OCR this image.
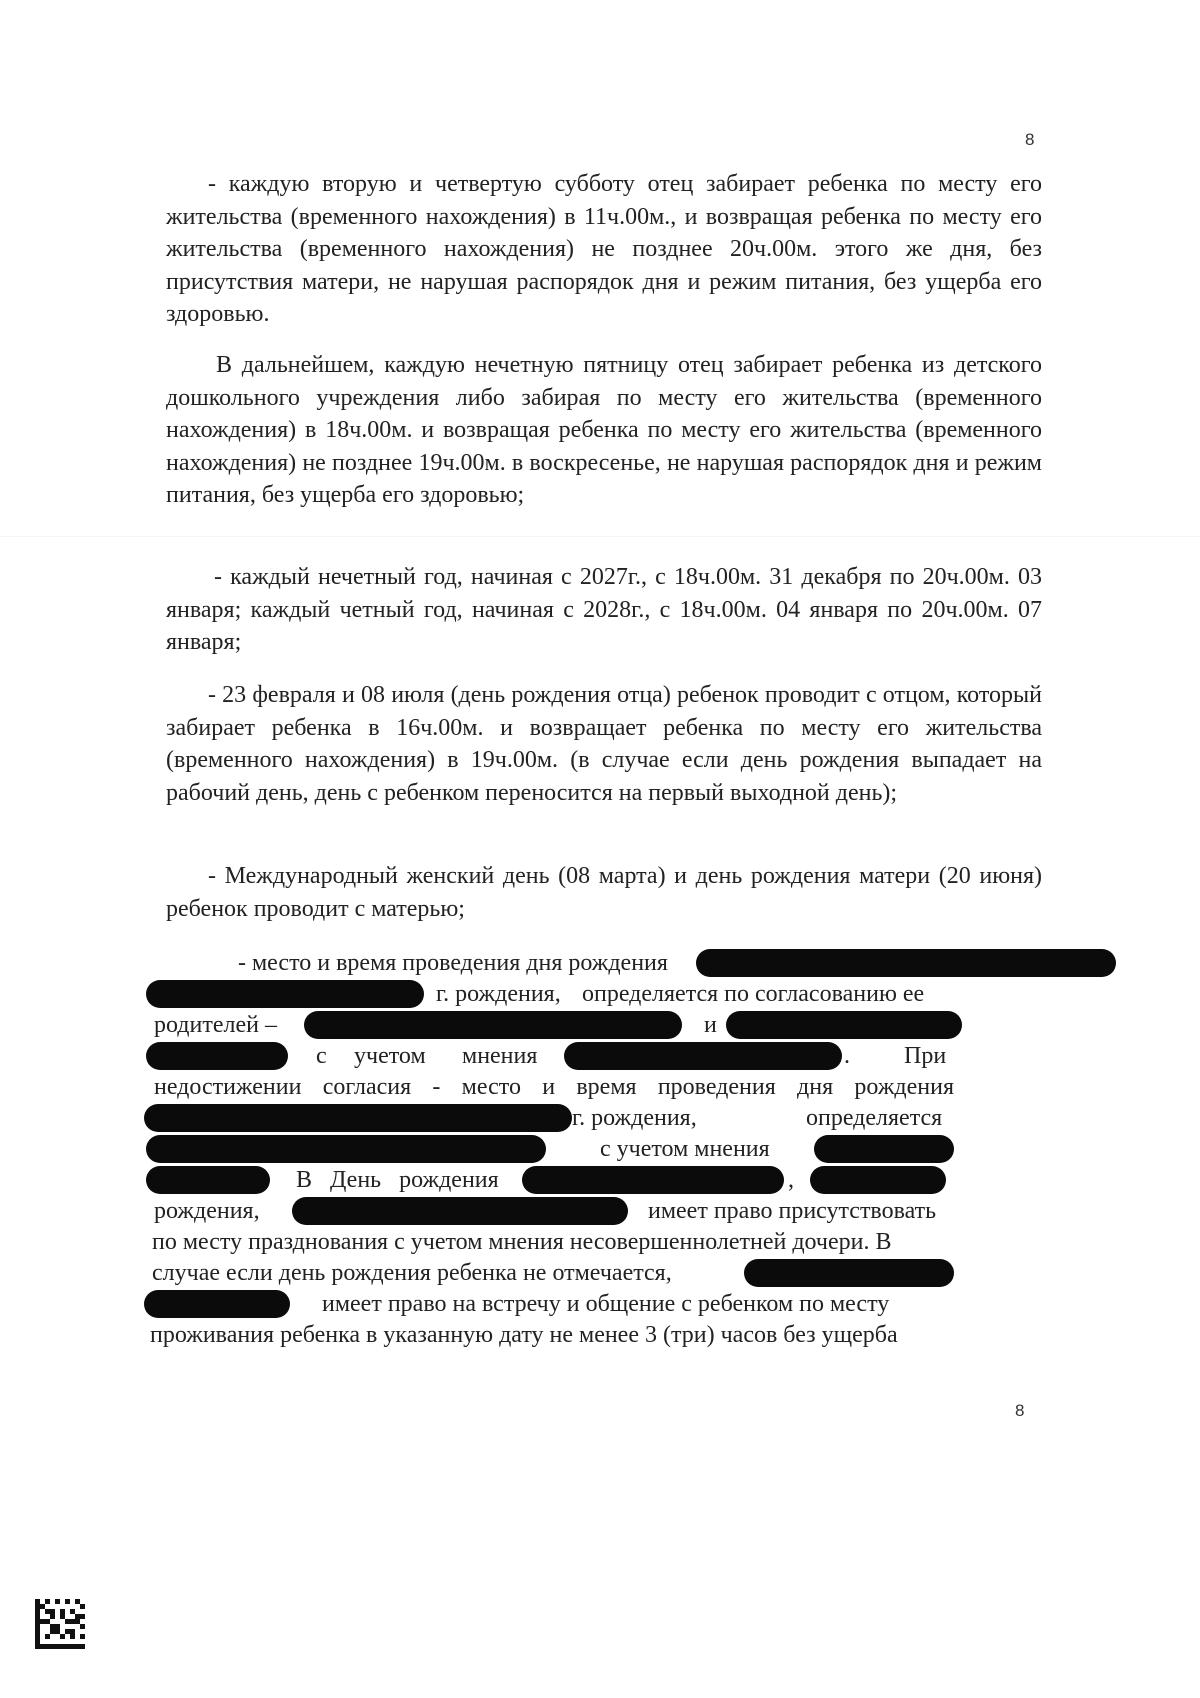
8

- каждую вторую и четвертую субботу отец забирает ребенка по месту его жительства (временного нахождения) в 11ч.00м., и возвращая ребенка по месту его жительства (временного нахождения) не позднее 20ч.00м. этого же дня, без присутствия матери, не нарушая распорядок дня и режим питания, без ущерба его здоровью.

В дальнейшем, каждую нечетную пятницу отец забирает ребенка из детского дошкольного учреждения либо забирая по месту его жительства (временного нахождения) в 18ч.00м. и возвращая ребенка по месту его жительства (временного нахождения) не позднее 19ч.00м. в воскресенье, не нарушая распорядок дня и режим питания, без ущерба его здоровью;

- каждый нечетный год, начиная с 2027г., с 18ч.00м. 31 декабря по 20ч.00м. 03 января; каждый четный год, начиная с 2028г., с 18ч.00м. 04 января по 20ч.00м. 07 января;

- 23 февраля и 08 июля (день рождения отца) ребенок проводит с отцом, который забирает ребенка в 16ч.00м. и возвращает ребенка по месту его жительства (временного нахождения) в 19ч.00м. (в случае если день рождения выпадает на рабочий день, день с ребенком переносится на первый выходной день);

- Международный женский день (08 марта) и день рождения матери (20 июня) ребенок проводит с матерью;

- место и время проведения дня рождения
г. рождения, определяется по согласованию ее
родителей –	и
с учетом мнения	. При
недостижении согласия - место и время проведения дня рождения
г. рождения,	определяется
с учетом мнения
В День рождения	,
рождения,	имеет право присутствовать
по месту празднования с учетом мнения несовершеннолетней дочери. В
случае если день рождения ребенка не отмечается,
имеет право на встречу и общение с ребенком по месту
проживания ребенка в указанную дату не менее 3 (три) часов без ущерба
8
